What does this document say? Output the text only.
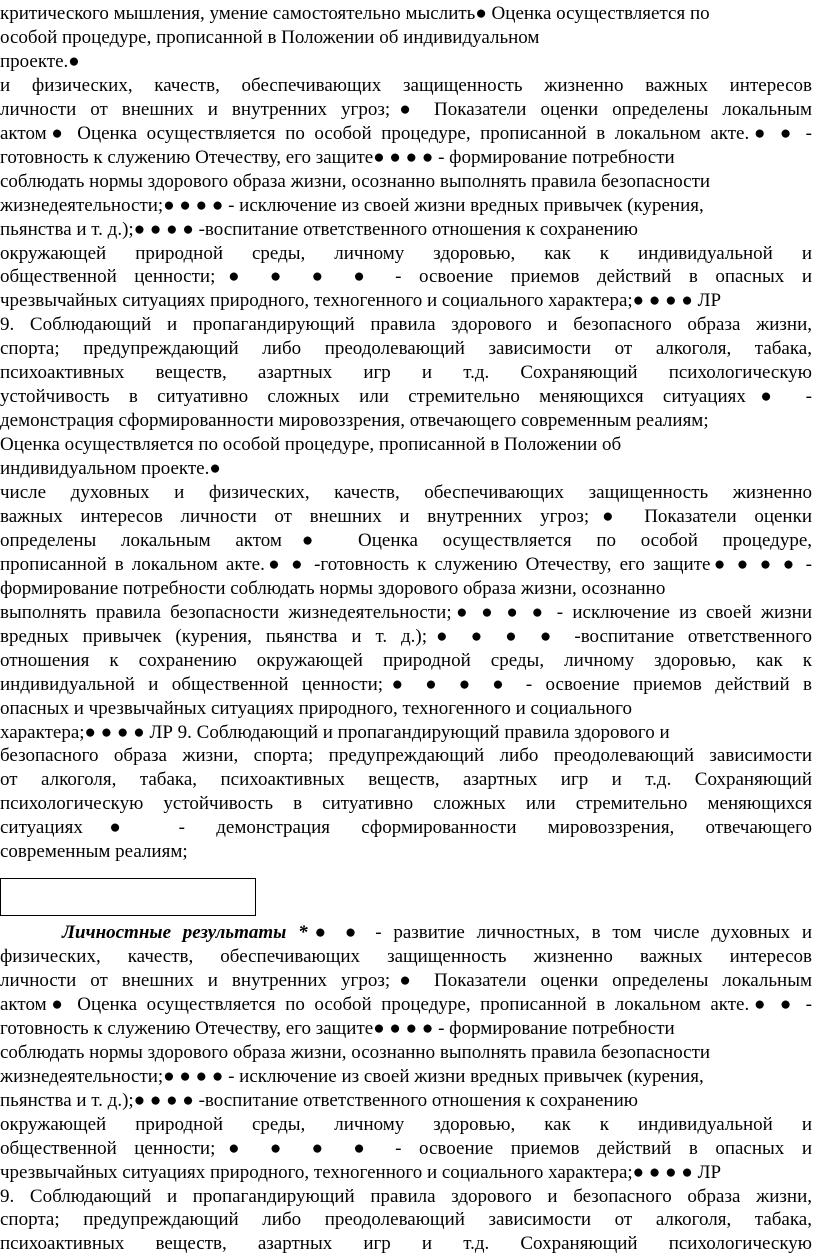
критического мышления, умение самостоятельно мыслить● Оценка осуществляется по
особой процедуре, прописанной в Положении об индивидуальном
проекте.●
и физических, качеств, обеспечивающих защищенность жизненно важных интересов
личности от внешних и внутренних угроз;● Показатели оценки определены локальным
актом● Оценка осуществляется по особой процедуре, прописанной в локальном акте.● ● -
готовность к служению Отечеству, его защите● ● ● ● - формирование потребности
соблюдать нормы здорового образа жизни, осознанно выполнять правила безопасности
жизнедеятельности;● ● ● ● - исключение из своей жизни вредных привычек (курения,
пьянства и т. д.);● ● ● ● -воспитание ответственного отношения к сохранению
окружающей природной среды, личному здоровью, как к индивидуальной и
общественной ценности;● ● ● ● - освоение приемов действий в опасных и
чрезвычайных ситуациях природного, техногенного и социального характера;● ● ● ● ЛР
9. Соблюдающий и пропагандирующий правила здорового и безопасного образа жизни,
спорта; предупреждающий либо преодолевающий зависимости от алкоголя, табака,
психоактивных веществ, азартных игр и т.д. Сохраняющий психологическую
устойчивость в ситуативно сложных или стремительно меняющихся ситуациях● -
демонстрация сформированности мировоззрения, отвечающего современным реалиям;
Оценка осуществляется по особой процедуре, прописанной в Положении об
индивидуальном проекте.●
числе духовных и физических, качеств, обеспечивающих защищенность жизненно
важных интересов личности от внешних и внутренних угроз;● Показатели оценки
определены локальным актом● Оценка осуществляется по особой процедуре,
прописанной в локальном акте.● ● -готовность к служению Отечеству, его защите● ● ● ● -
формирование потребности соблюдать нормы здорового образа жизни, осознанно
выполнять правила безопасности жизнедеятельности;● ● ● ● - исключение из своей жизни
вредных привычек (курения, пьянства и т. д.);● ● ● ● -воспитание ответственного
отношения к сохранению окружающей природной среды, личному здоровью, как к
индивидуальной и общественной ценности;● ● ● ● - освоение приемов действий в
опасных и чрезвычайных ситуациях природного, техногенного и социального
характера;● ● ● ● ЛР 9. Соблюдающий и пропагандирующий правила здорового и
безопасного образа жизни, спорта; предупреждающий либо преодолевающий зависимости
от алкоголя, табака, психоактивных веществ, азартных игр и т.д. Сохраняющий
психологическую устойчивость в ситуативно сложных или стремительно меняющихся
ситуациях● - демонстрация сформированности мировоззрения, отвечающего
современным реалиям;
Личностные результаты *● ● - развитие личностных, в том числе духовных и
физических, качеств, обеспечивающих защищенность жизненно важных интересов
личности от внешних и внутренних угроз;● Показатели оценки определены локальным
актом● Оценка осуществляется по особой процедуре, прописанной в локальном акте.● ● -
готовность к служению Отечеству, его защите● ● ● ● - формирование потребности
соблюдать нормы здорового образа жизни, осознанно выполнять правила безопасности
жизнедеятельности;● ● ● ● - исключение из своей жизни вредных привычек (курения,
пьянства и т. д.);● ● ● ● -воспитание ответственного отношения к сохранению
окружающей природной среды, личному здоровью, как к индивидуальной и
общественной ценности;● ● ● ● - освоение приемов действий в опасных и
чрезвычайных ситуациях природного, техногенного и социального характера;● ● ● ● ЛР
9. Соблюдающий и пропагандирующий правила здорового и безопасного образа жизни,
спорта; предупреждающий либо преодолевающий зависимости от алкоголя, табака,
психоактивных веществ, азартных игр и т.д. Сохраняющий психологическую
